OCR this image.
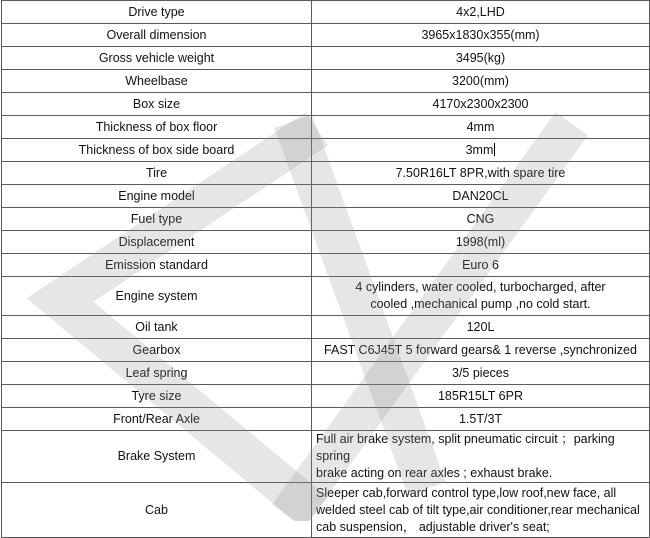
Drive type	4x2,LHD
Overall dimension	3965x1830x355(mm)
Gross vehicle weight	3495(kg)
Wheelbase	3200(mm)
Box size	4170x2300x2300
Thickness of box floor	4mm
Thickness of box side board	3mm
Tire	7.50R16LT 8PR,with spare tire
Engine model	DAN20CL
Fuel type	CNG
Displacement	1998(ml)
Emission standard	Euro 6
Engine system	4 cylinders, water cooled, turbocharged, after
cooled ,mechanical pump ,no cold start.

Oil tank	120L
Gearbox	FAST C6J45T 5 forward gears& 1 reverse ,synchronized
Leaf spring	3/5 pieces
Tyre size	185R15LT 6PR
Front/Rear Axle	1.5T/3T
Brake System	Full air brake system, split pneumatic circuit ；parking spring
brake acting on rear axles ; exhaust brake.

Cab	Sleeper cab,forward control type,low roof,new face, all
welded steel cab of tilt type,air conditioner,rear mechanical
cab suspension， adjustable driver's seat;
